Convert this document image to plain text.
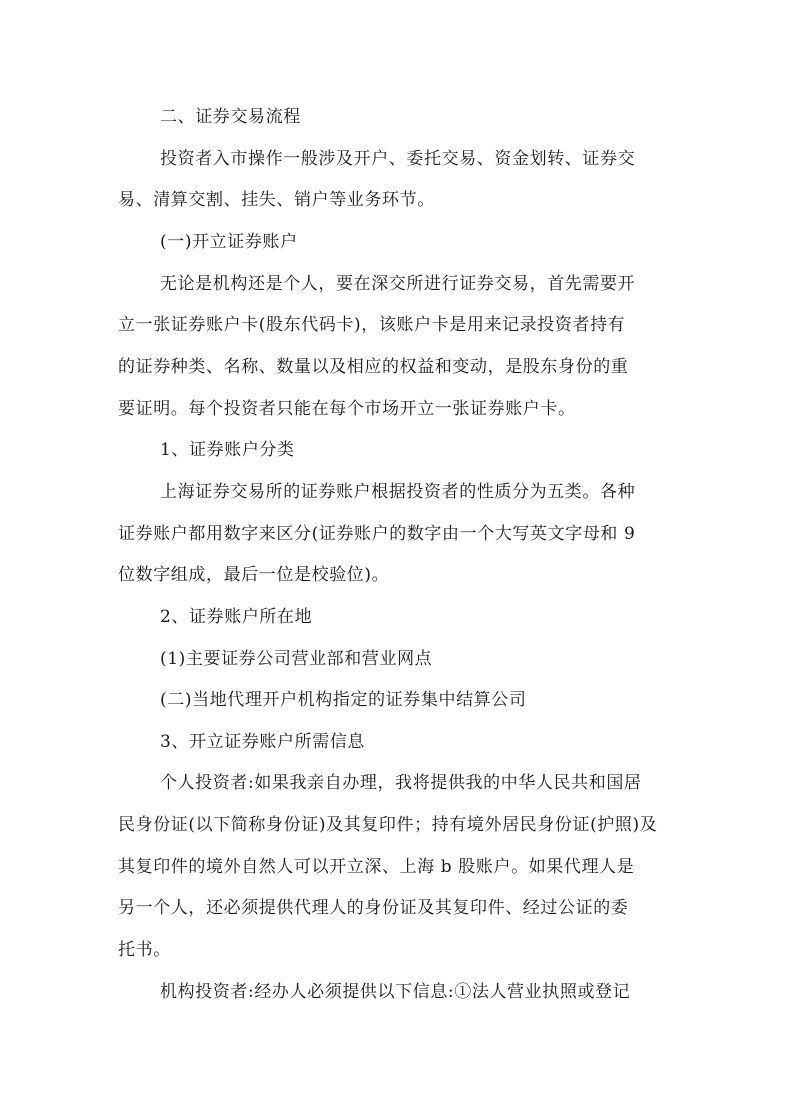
二、证券交易流程

投资者入市操作一般涉及开户、委托交易、资金划转、证券交

易、清算交割、挂失、销户等业务环节。

(一)开立证券账户

无论是机构还是个人，要在深交所进行证券交易，首先需要开

立一张证券账户卡(股东代码卡)，该账户卡是用来记录投资者持有

的证券种类、名称、数量以及相应的权益和变动，是股东身份的重

要证明。每个投资者只能在每个市场开立一张证券账户卡。

1、证券账户分类

上海证券交易所的证券账户根据投资者的性质分为五类。各种

证券账户都用数字来区分(证券账户的数字由一个大写英文字母和 9

位数字组成，最后一位是校验位)。

2、证券账户所在地

(1)主要证券公司营业部和营业网点

(二)当地代理开户机构指定的证券集中结算公司

3、开立证券账户所需信息

个人投资者:如果我亲自办理，我将提供我的中华人民共和国居

民身份证(以下简称身份证)及其复印件；持有境外居民身份证(护照)及

其复印件的境外自然人可以开立深、上海 b 股账户。如果代理人是

另一个人，还必须提供代理人的身份证及其复印件、经过公证的委

托书。

机构投资者:经办人必须提供以下信息:①法人营业执照或登记
